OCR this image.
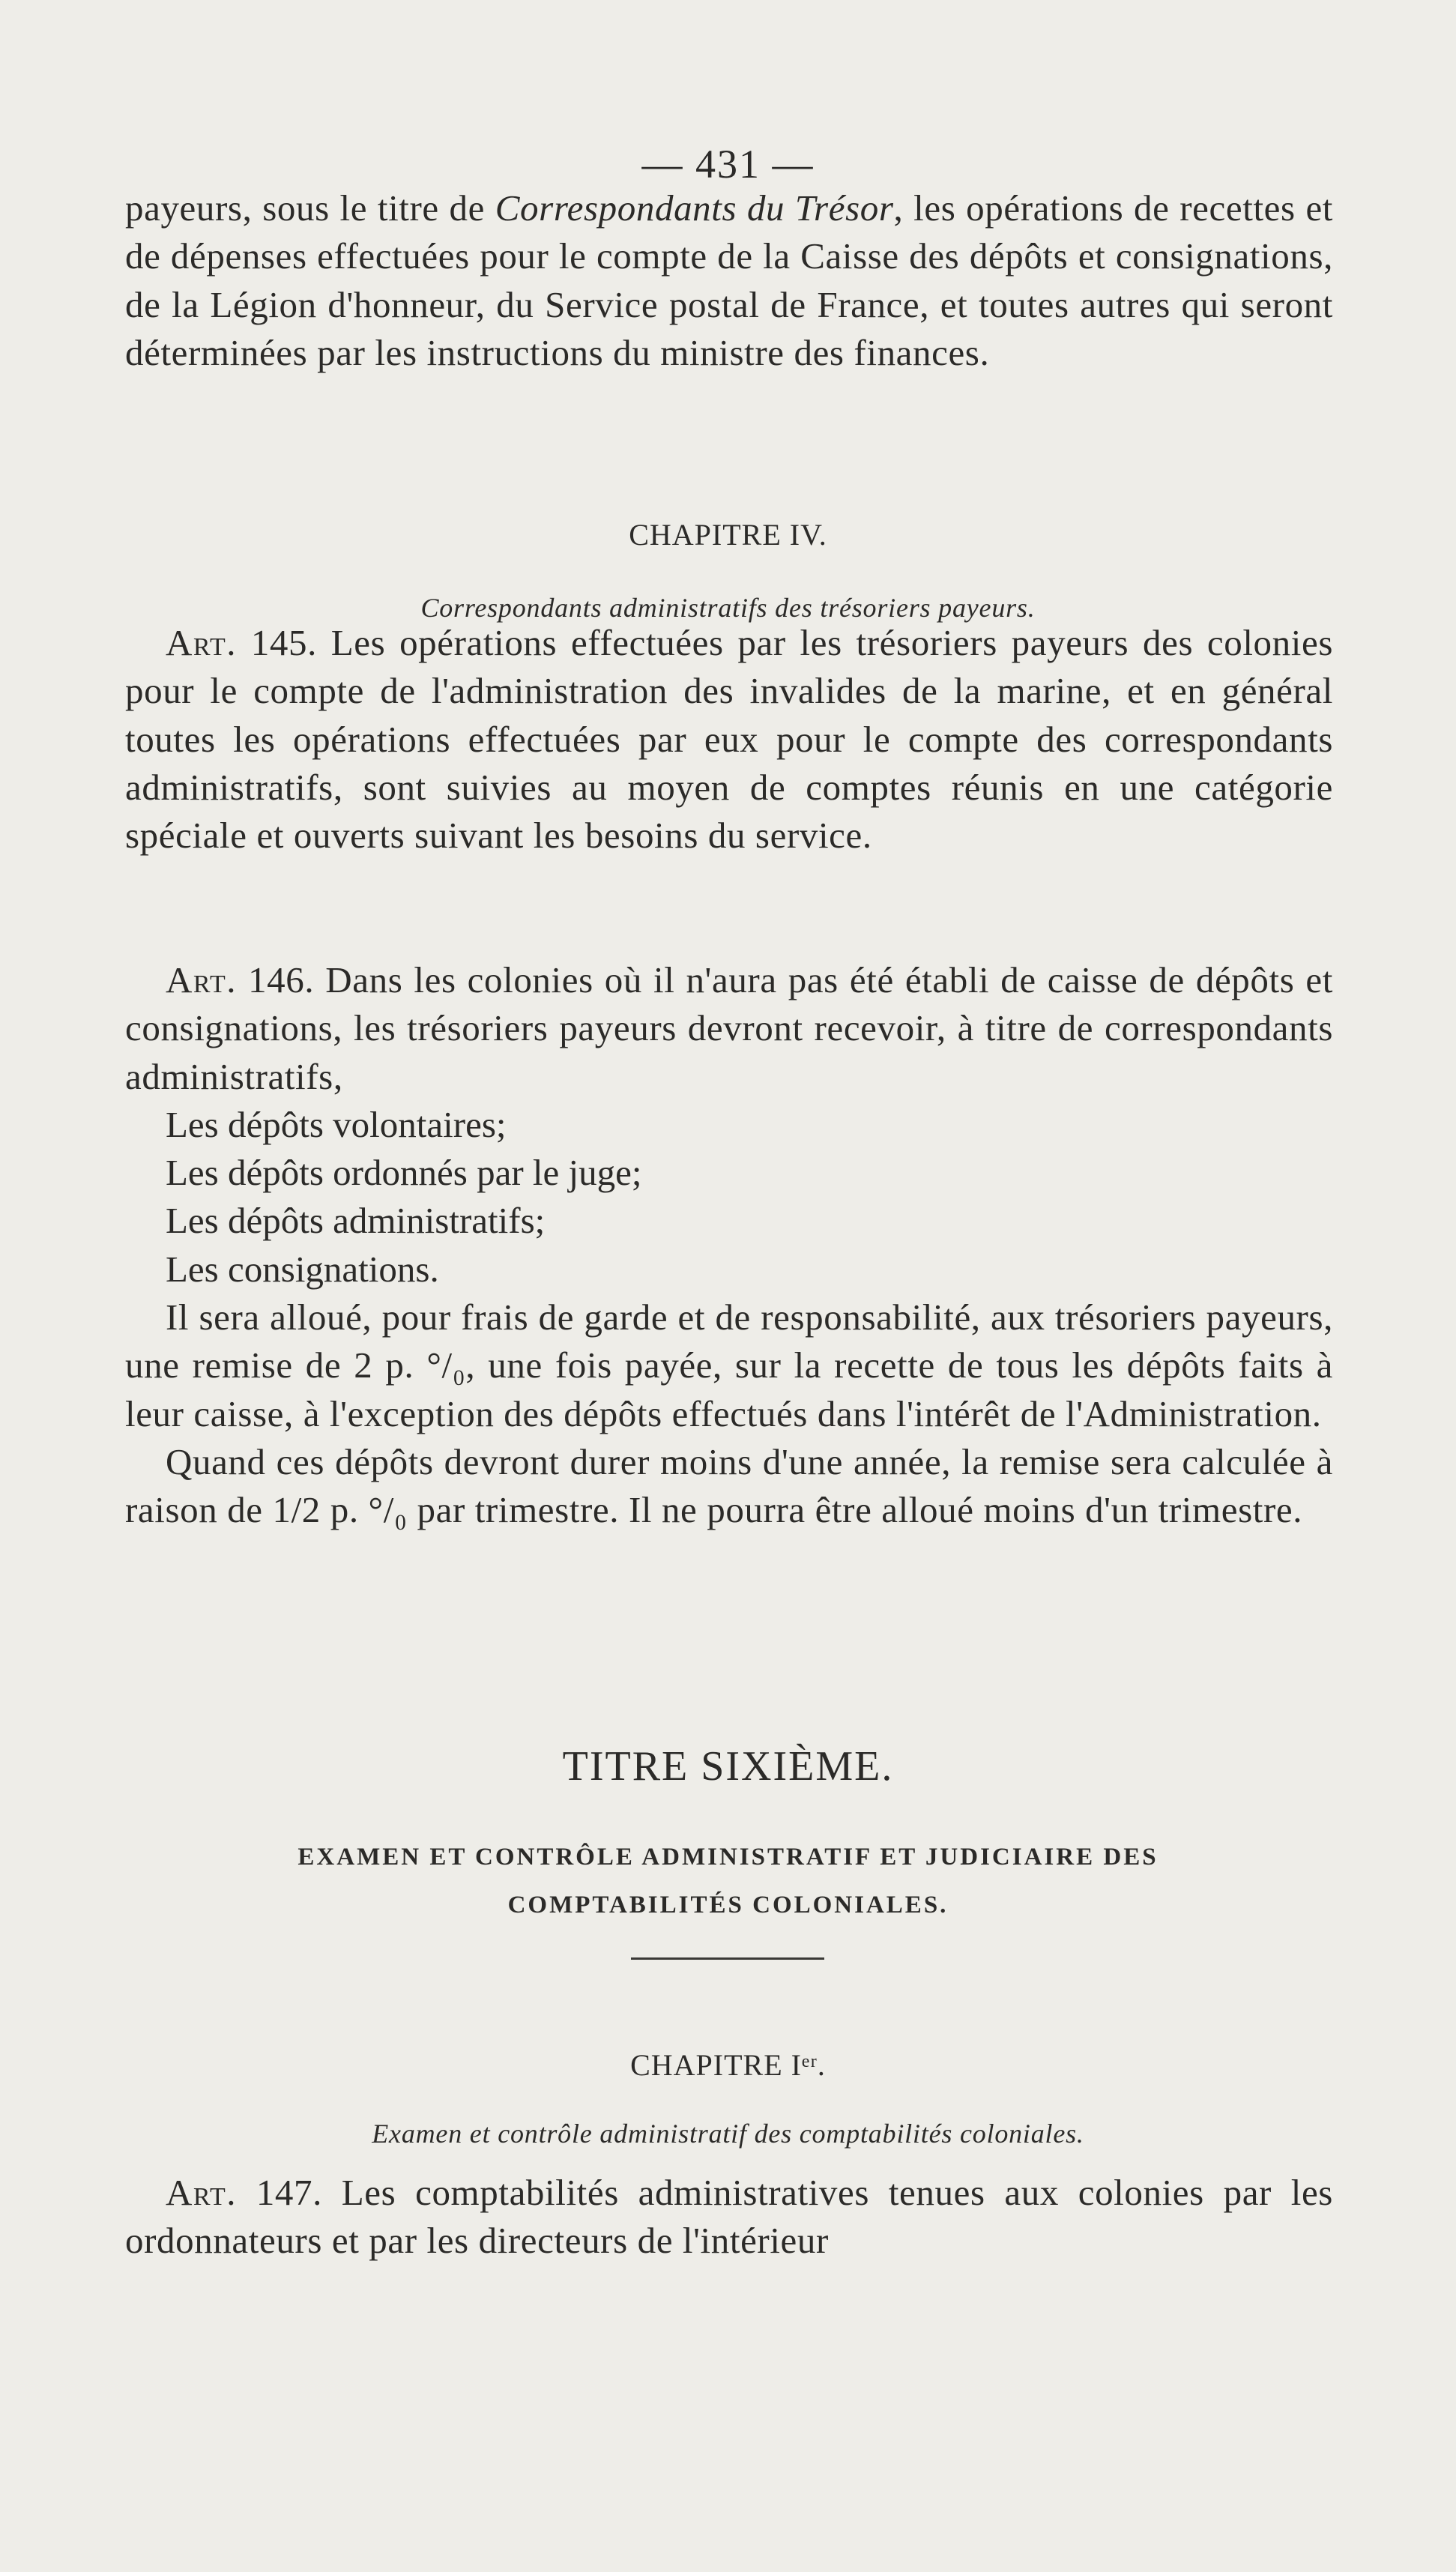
— 431 —

payeurs, sous le titre de Correspondants du Trésor, les opérations de recettes et de dépenses effectuées pour le compte de la Caisse des dépôts et consignations, de la Légion d'honneur, du Service postal de France, et toutes autres qui seront déterminées par les instructions du ministre des finances.

CHAPITRE IV.

Correspondants administratifs des trésoriers payeurs.

Art. 145. Les opérations effectuées par les trésoriers payeurs des colonies pour le compte de l'administration des invalides de la marine, et en général toutes les opérations effectuées par eux pour le compte des correspondants administratifs, sont suivies au moyen de comptes réunis en une catégorie spéciale et ouverts suivant les besoins du service.

Art. 146. Dans les colonies où il n'aura pas été établi de caisse de dépôts et consignations, les trésoriers payeurs devront recevoir, à titre de correspondants administratifs,

Les dépôts volontaires;

Les dépôts ordonnés par le juge;

Les dépôts administratifs;

Les consignations.

Il sera alloué, pour frais de garde et de responsabilité, aux trésoriers payeurs, une remise de 2 p. °/₀, une fois payée, sur la recette de tous les dépôts faits à leur caisse, à l'exception des dépôts effectués dans l'intérêt de l'Administration.

Quand ces dépôts devront durer moins d'une année, la remise sera calculée à raison de 1/2 p. °/₀ par trimestre. Il ne pourra être alloué moins d'un trimestre.

TITRE SIXIÈME.

EXAMEN ET CONTRÔLE ADMINISTRATIF ET JUDICIAIRE DES

COMPTABILITÉS COLONIALES.

CHAPITRE Iᵉʳ.

Examen et contrôle administratif des comptabilités coloniales.

Art. 147. Les comptabilités administratives tenues aux colonies par les ordonnateurs et par les directeurs de l'intérieur
